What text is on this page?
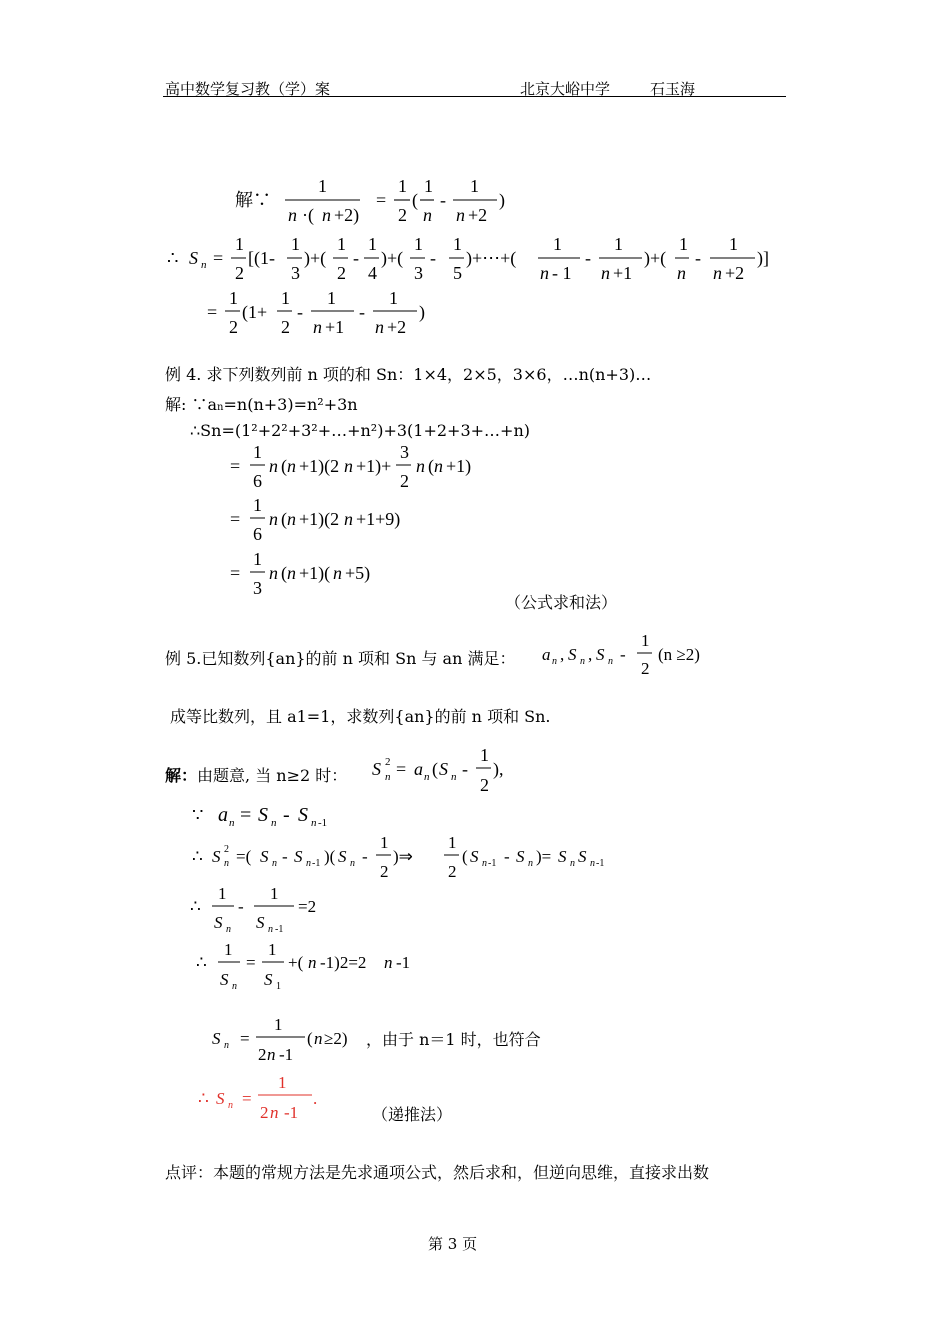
高中数学复习教（学）案	北京大峪中学	石玉海
解∵
1
n ·( n +2)
=
1
2
(
1
n
-
1
n +2
)
∴ S n =
1
2
[(1-
1
3
)+(
1
2
-
1
4
)+(
1
3
-
1
5
)+⋯+(
1
n - 1
-
1
n +1
)+(
1
n
-
1
n +2
)]
=
1
2
(1+
1
2
-
1
n +1
-
1
n +2
)
例 4. 求下列数列前 n 项的和 Sn：1×4，2×5，3×6，…n(n+3)…
解: ∵an=n(n+3)=n²+3n
∴Sn=(1²+2²+3²+…+n²)+3(1+2+3+…+n)
=
1
6
n ( n +1)(2 n +1)+
3
2
n ( n +1)
=
1
6
n ( n +1)(2 n +1+9)
=
1
3
n ( n +1)( n +5)
（公式求和法）
例 5.已知数列{an}的前 n 项和 Sn 与 an 满足： a n , S n , S n -
1
2
(n ≥2)
成等比数列，且 a1=1，求数列{an}的前 n 项和 Sn.
解：由题意, 当 n≥2 时： S 2
n = a n ( S n -
1
2
),
∵ a n = S n - S n -1
∴ S 2
n =( S n - S n -1 )( S n -
1
2
)⇒
1
2
( S n -1 - S n )= S n S n -1
∴
1
S n
-
1
S n -1
=2
∴
1
S n
=
1
S 1
+( n -1)2=2 n -1
S n =
1
2 n -1
( n ≥2) ，由于 n＝1 时，也符合
∴ S n =
1
2 n -1
.
（递推法）
点评：本题的常规方法是先求通项公式，然后求和，但逆向思维，直接求出数
第 3 页
